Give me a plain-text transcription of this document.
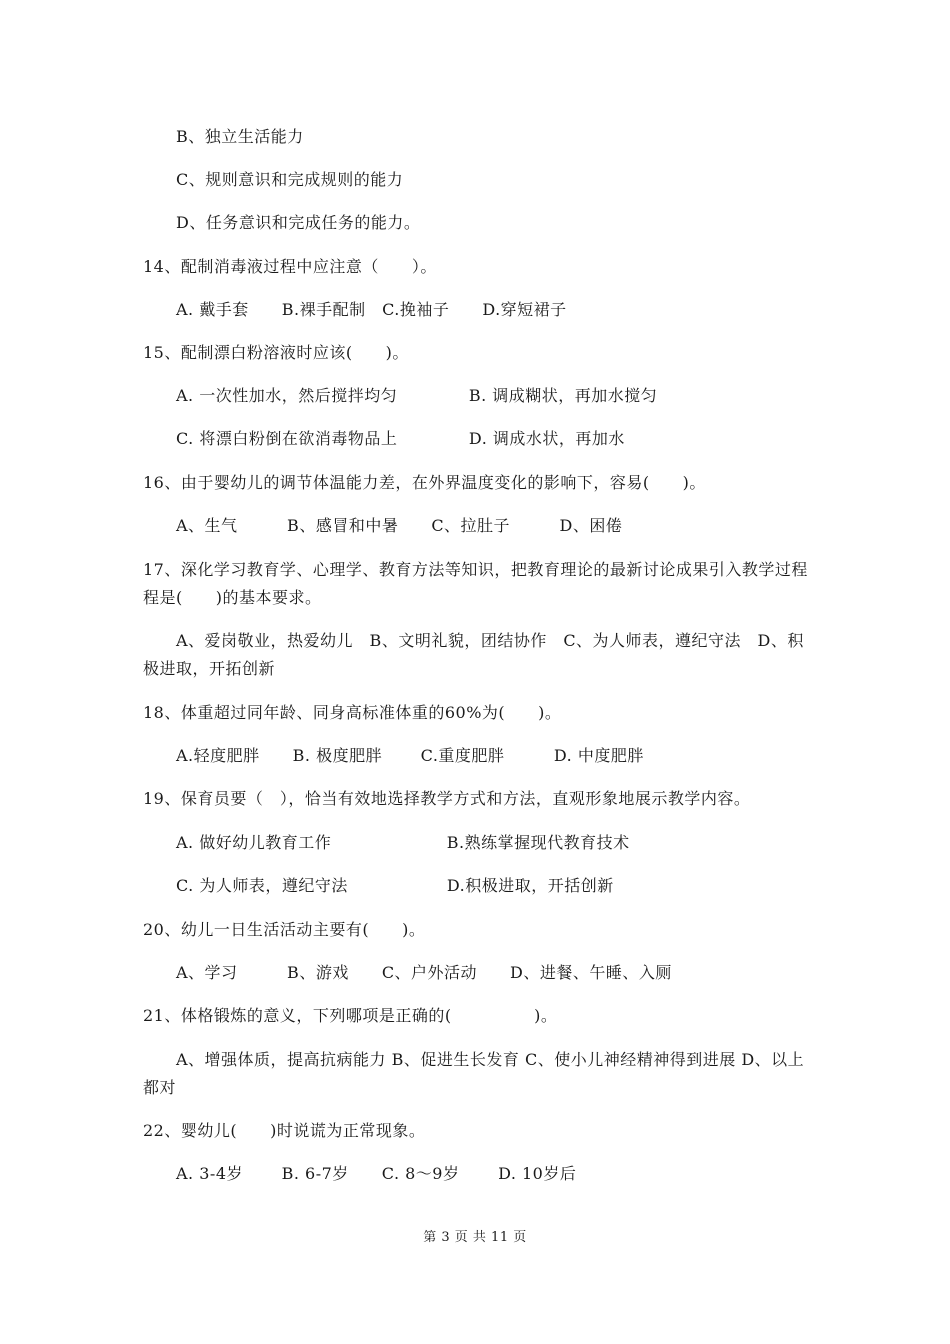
B、独立生活能力
C、规则意识和完成规则的能力
D、任务意识和完成任务的能力。
14、配制消毒液过程中应注意（　　）。
A. 戴手套　　B.裸手配制　C.挽袖子　　D.穿短裙子
15、配制漂白粉溶液时应该(　　)。
A. 一次性加水，然后搅拌均匀　　　　 B. 调成糊状，再加水搅匀
C. 将漂白粉倒在欲消毒物品上　　　　 D. 调成水状，再加水
16、由于婴幼儿的调节体温能力差，在外界温度变化的影响下，容易(　　)。
A、生气　　　B、感冒和中暑　　C、拉肚子　　　D、困倦
17、深化学习教育学、心理学、教育方法等知识，把教育理论的最新讨论成果引入教学过程
程是(　　)的基本要求。
A、爱岗敬业，热爱幼儿　B、文明礼貌，团结协作　C、为人师表，遵纪守法　D、积
极进取，开拓创新
18、体重超过同年龄、同身高标准体重的60%为(　　)。
A.轻度肥胖　　B. 极度肥胖　　 C.重度肥胖　　　D. 中度肥胖
19、保育员要（　），恰当有效地选择教学方式和方法，直观形象地展示教学内容。
A. 做好幼儿教育工作　　　　　　　B.熟练掌握现代教育技术
C. 为人师表，遵纪守法　　　　　　D.积极进取，开括创新
20、幼儿一日生活活动主要有(　　)。
A、学习　　　B、游戏　　C、户外活动　　D、进餐、午睡、入厕
21、体格锻炼的意义，下列哪项是正确的(　　　　　)。
A、增强体质，提高抗病能力 B、促进生长发育 C、使小儿神经精神得到进展 D、以上
都对
22、婴幼儿(　　)时说谎为正常现象。
A. 3-4岁　　 B. 6-7岁　　C. 8～9岁　　 D. 10岁后
第 3 页 共 11 页
